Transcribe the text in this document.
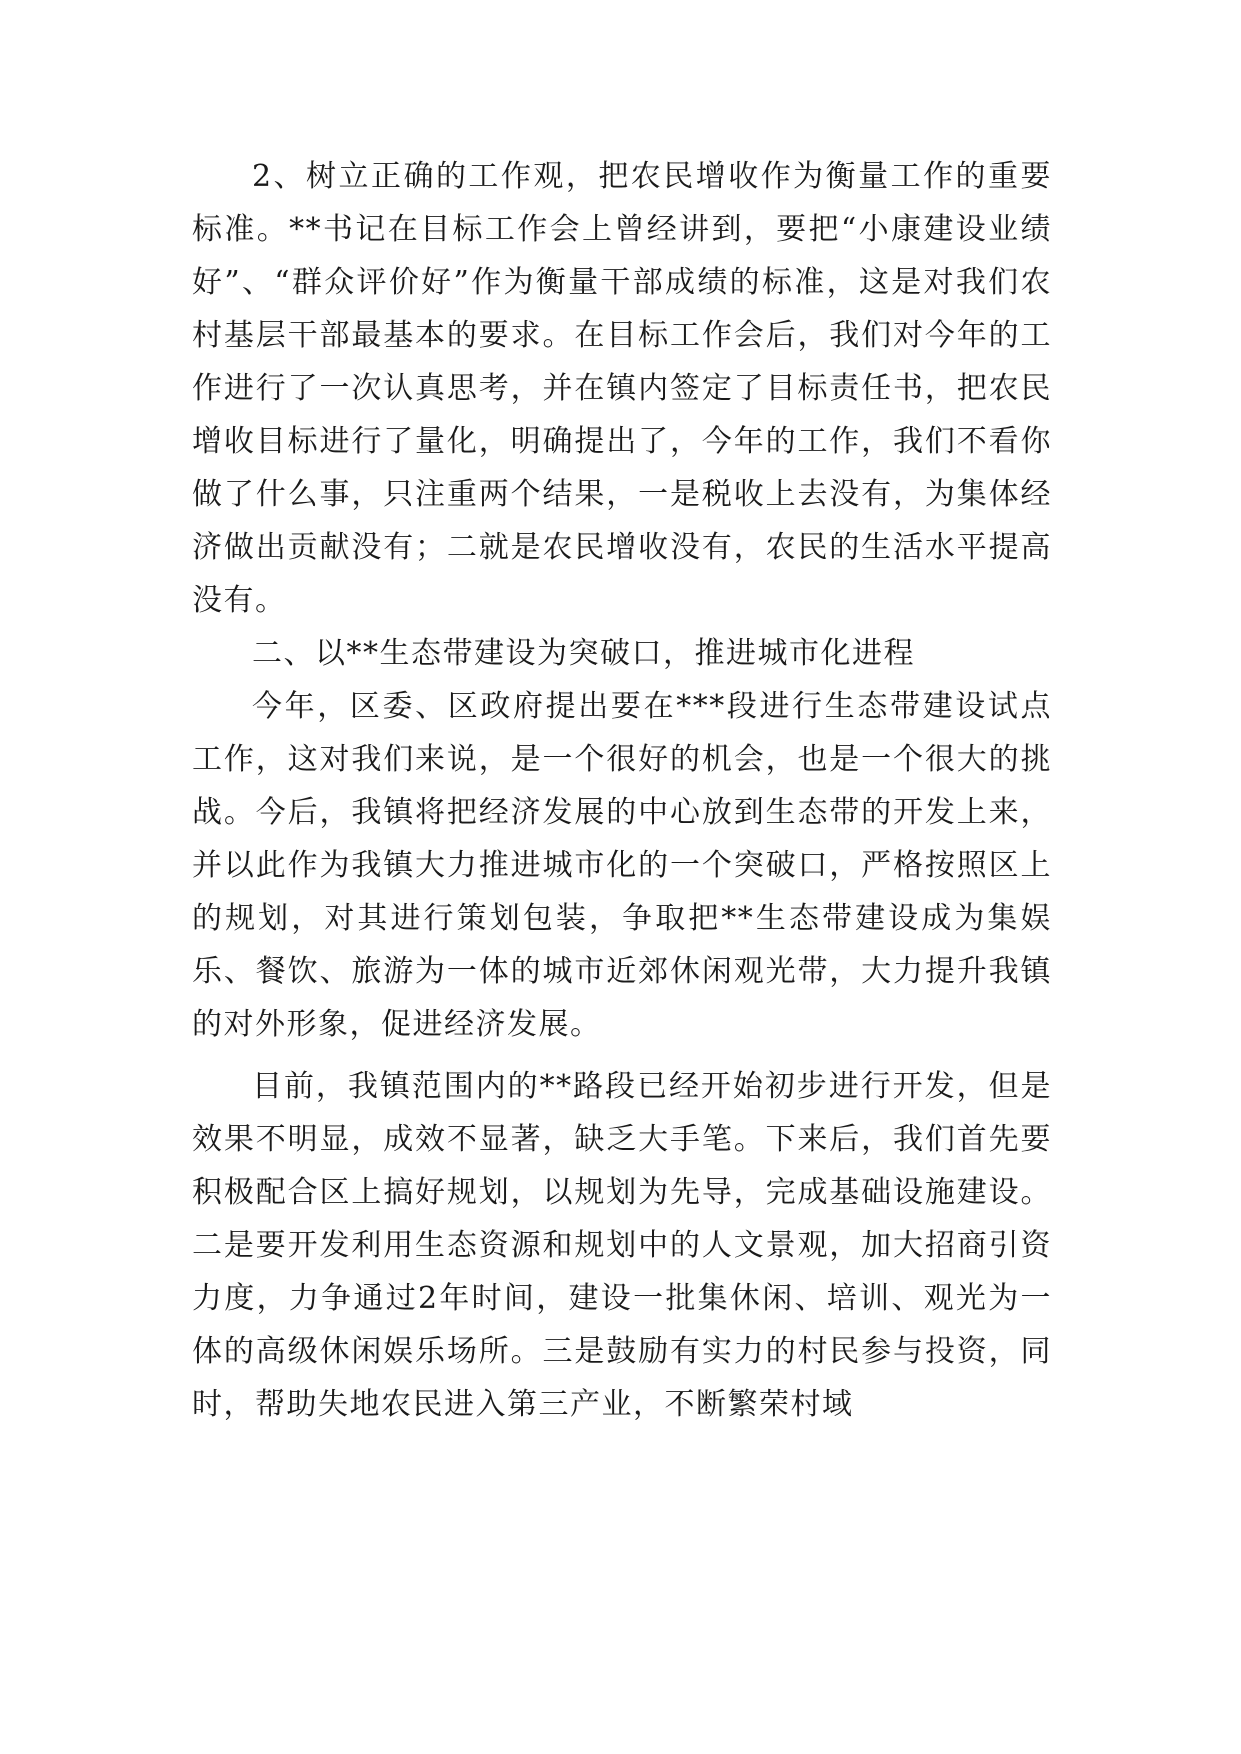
2、树立正确的工作观，把农民增收作为衡量工作的重要标准。**书记在目标工作会上曾经讲到，要把“小康建设业绩好”、“群众评价好”作为衡量干部成绩的标准，这是对我们农村基层干部最基本的要求。在目标工作会后，我们对今年的工作进行了一次认真思考，并在镇内签定了目标责任书，把农民增收目标进行了量化，明确提出了，今年的工作，我们不看你做了什么事，只注重两个结果，一是税收上去没有，为集体经济做出贡献没有；二就是农民增收没有，农民的生活水平提高没有。

二、以**生态带建设为突破口，推进城市化进程

今年，区委、区政府提出要在***段进行生态带建设试点工作，这对我们来说，是一个很好的机会，也是一个很大的挑战。今后，我镇将把经济发展的中心放到生态带的开发上来，并以此作为我镇大力推进城市化的一个突破口，严格按照区上的规划，对其进行策划包装，争取把**生态带建设成为集娱乐、餐饮、旅游为一体的城市近郊休闲观光带，大力提升我镇的对外形象，促进经济发展。

目前，我镇范围内的**路段已经开始初步进行开发，但是效果不明显，成效不显著，缺乏大手笔。下来后，我们首先要积极配合区上搞好规划，以规划为先导，完成基础设施建设。二是要开发利用生态资源和规划中的人文景观，加大招商引资力度，力争通过2年时间，建设一批集休闲、培训、观光为一体的高级休闲娱乐场所。三是鼓励有实力的村民参与投资，同时，帮助失地农民进入第三产业，不断繁荣村域
